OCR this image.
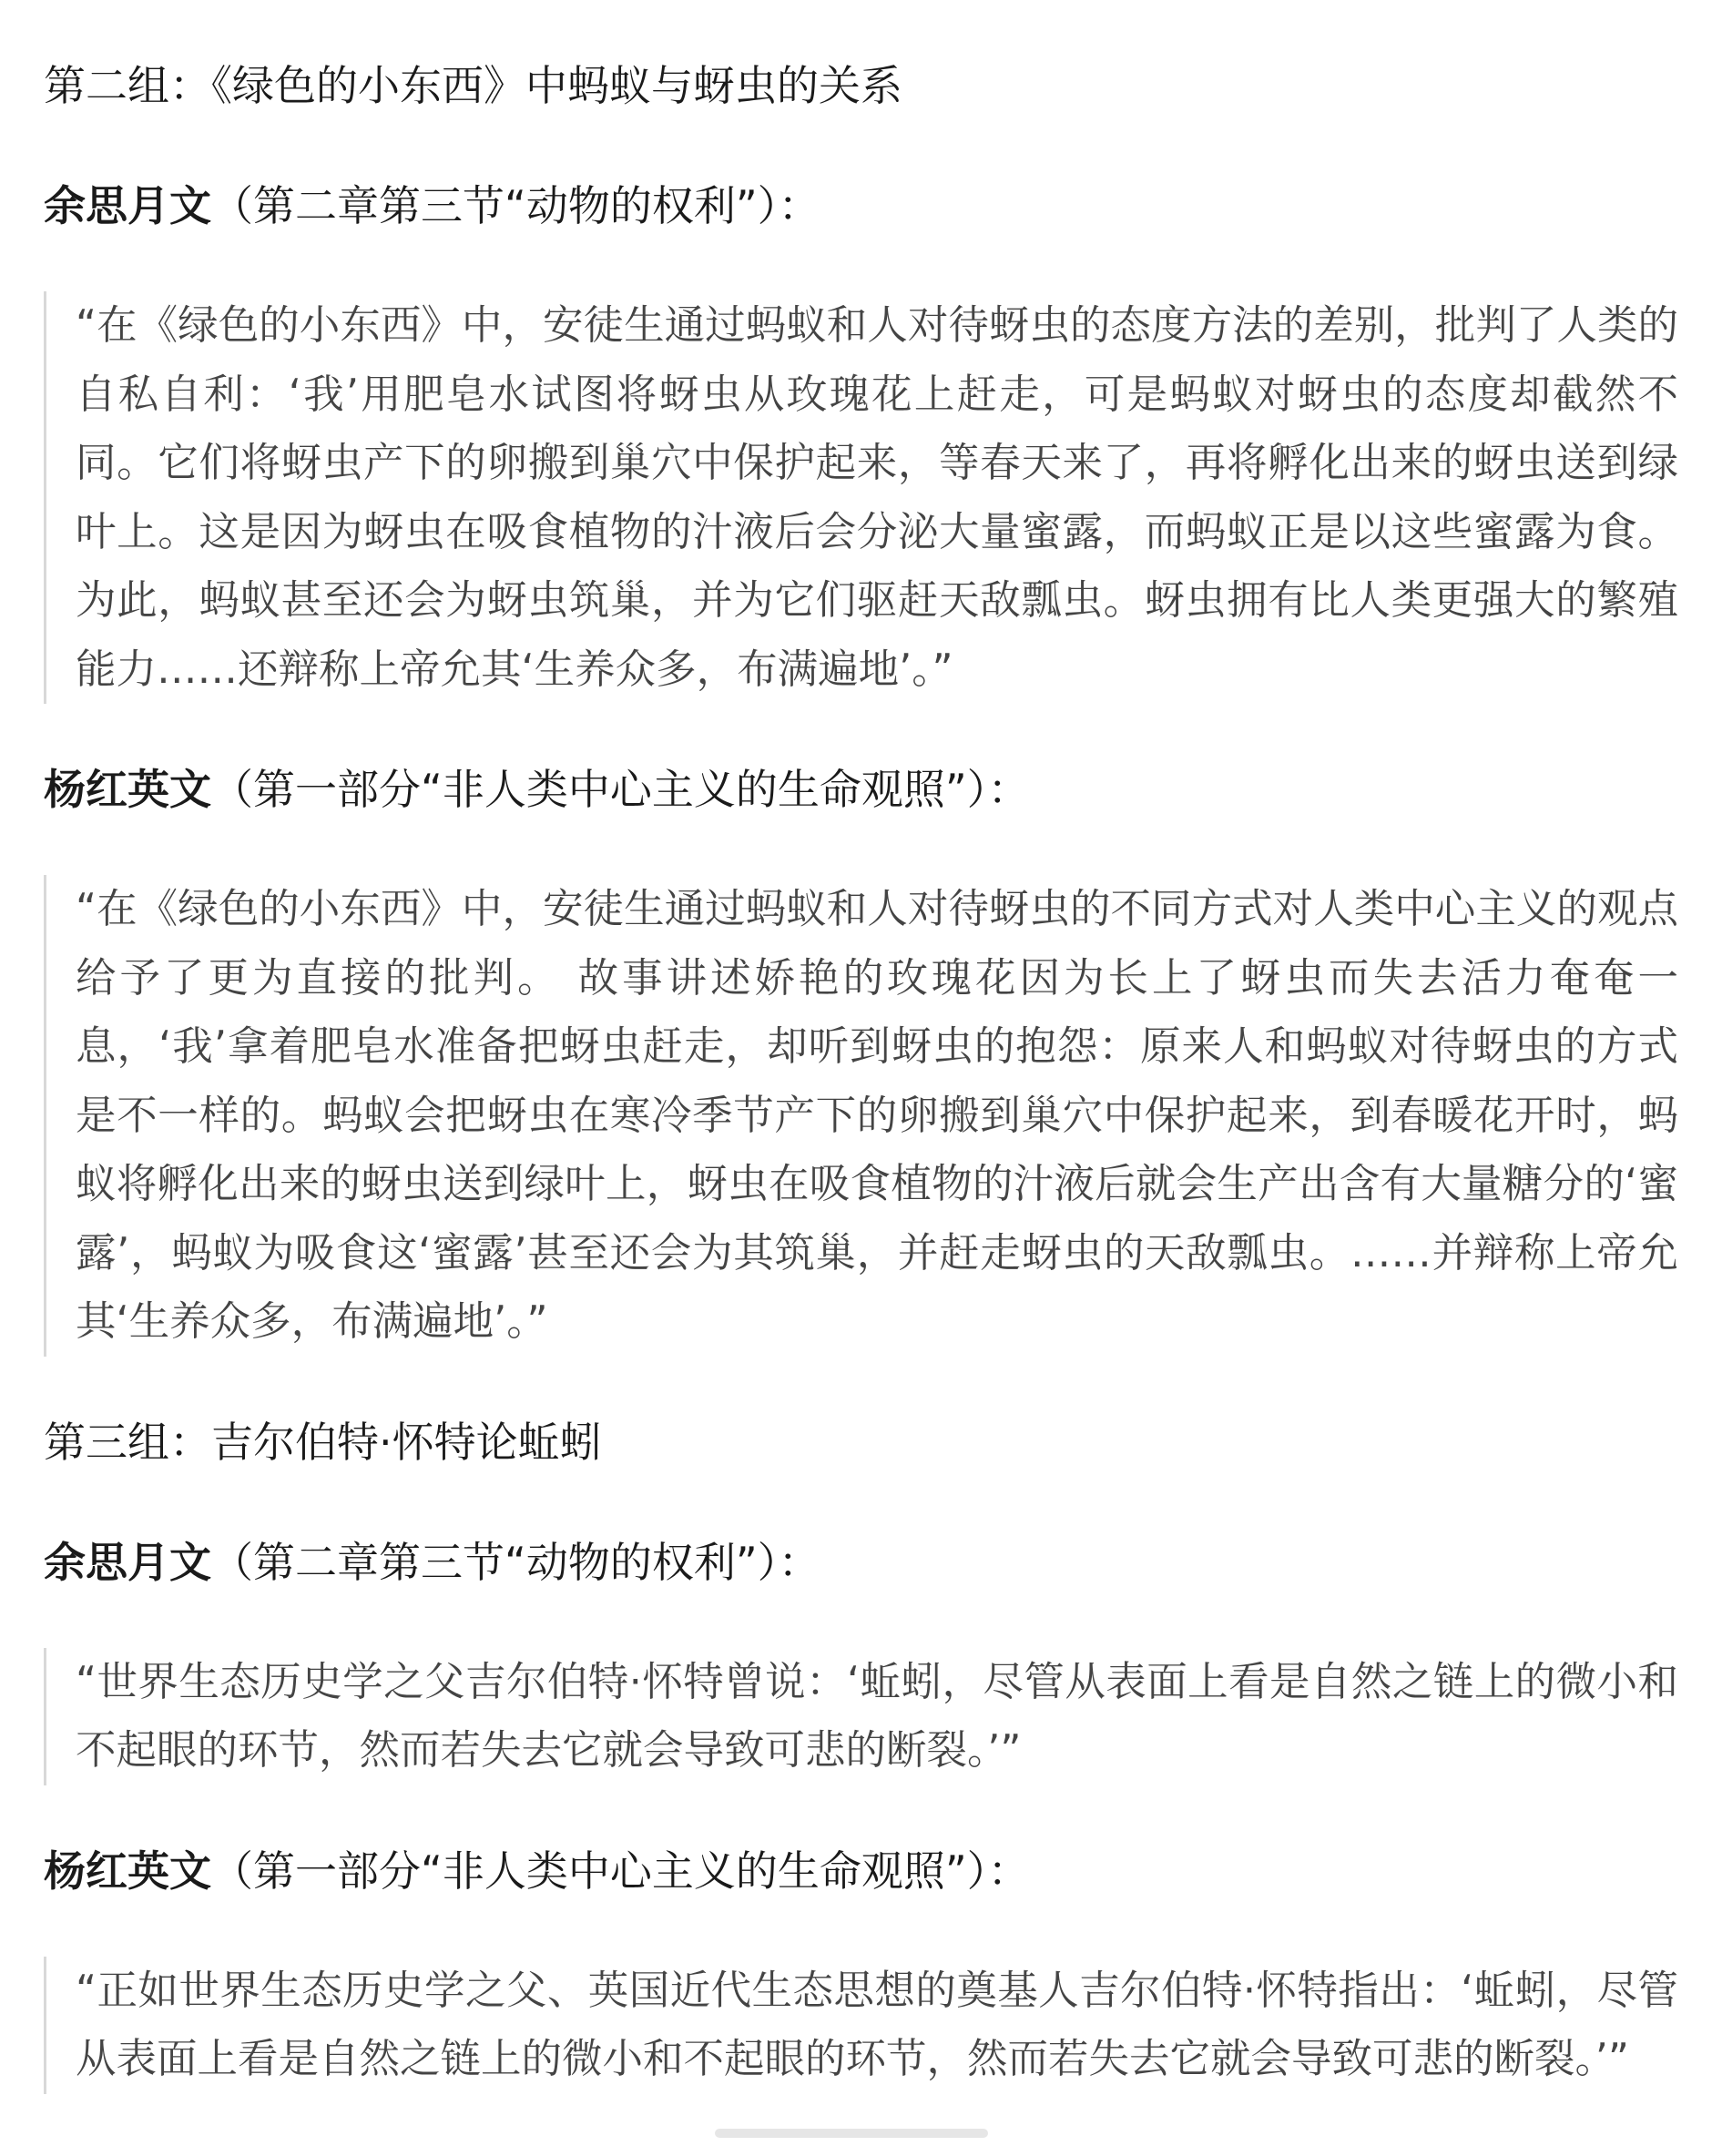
第二组：《绿色的小东西》中蚂蚁与蚜虫的关系
余思月文（第二章第三节“动物的权利”）：

“在《绿色的小东西》中，安徒生通过蚂蚁和人对待蚜虫的态度方法的差别，批判了人类的自私自利：‘我’用肥皂水试图将蚜虫从玫瑰花上赶走，可是蚂蚁对蚜虫的态度却截然不同。它们将蚜虫产下的卵搬到巢穴中保护起来，等春天来了，再将孵化出来的蚜虫送到绿叶上。这是因为蚜虫在吸食植物的汁液后会分泌大量蜜露，而蚂蚁正是以这些蜜露为食。为此，蚂蚁甚至还会为蚜虫筑巢，并为它们驱赶天敌瓢虫。蚜虫拥有比人类更强大的繁殖能力……还辩称上帝允其‘生养众多，布满遍地’。”

杨红英文（第一部分“非人类中心主义的生命观照”）：

“在《绿色的小东西》中，安徒生通过蚂蚁和人对待蚜虫的不同方式对人类中心主义的观点给予了更为直接的批判。 故事讲述娇艳的玫瑰花因为长上了蚜虫而失去活力奄奄一息，‘我’拿着肥皂水准备把蚜虫赶走，却听到蚜虫的抱怨：原来人和蚂蚁对待蚜虫的方式是不一样的。蚂蚁会把蚜虫在寒冷季节产下的卵搬到巢穴中保护起来，到春暖花开时，蚂蚁将孵化出来的蚜虫送到绿叶上，蚜虫在吸食植物的汁液后就会生产出含有大量糖分的‘蜜露’，蚂蚁为吸食这‘蜜露’甚至还会为其筑巢，并赶走蚜虫的天敌瓢虫。……并辩称上帝允其‘生养众多，布满遍地’。”

第三组：吉尔伯特·怀特论蚯蚓
余思月文（第二章第三节“动物的权利”）：

“世界生态历史学之父吉尔伯特·怀特曾说：‘蚯蚓，尽管从表面上看是自然之链上的微小和不起眼的环节，然而若失去它就会导致可悲的断裂。’”

杨红英文（第一部分“非人类中心主义的生命观照”）：

“正如世界生态历史学之父、英国近代生态思想的奠基人吉尔伯特·怀特指出：‘蚯蚓，尽管从表面上看是自然之链上的微小和不起眼的环节，然而若失去它就会导致可悲的断裂。’”
